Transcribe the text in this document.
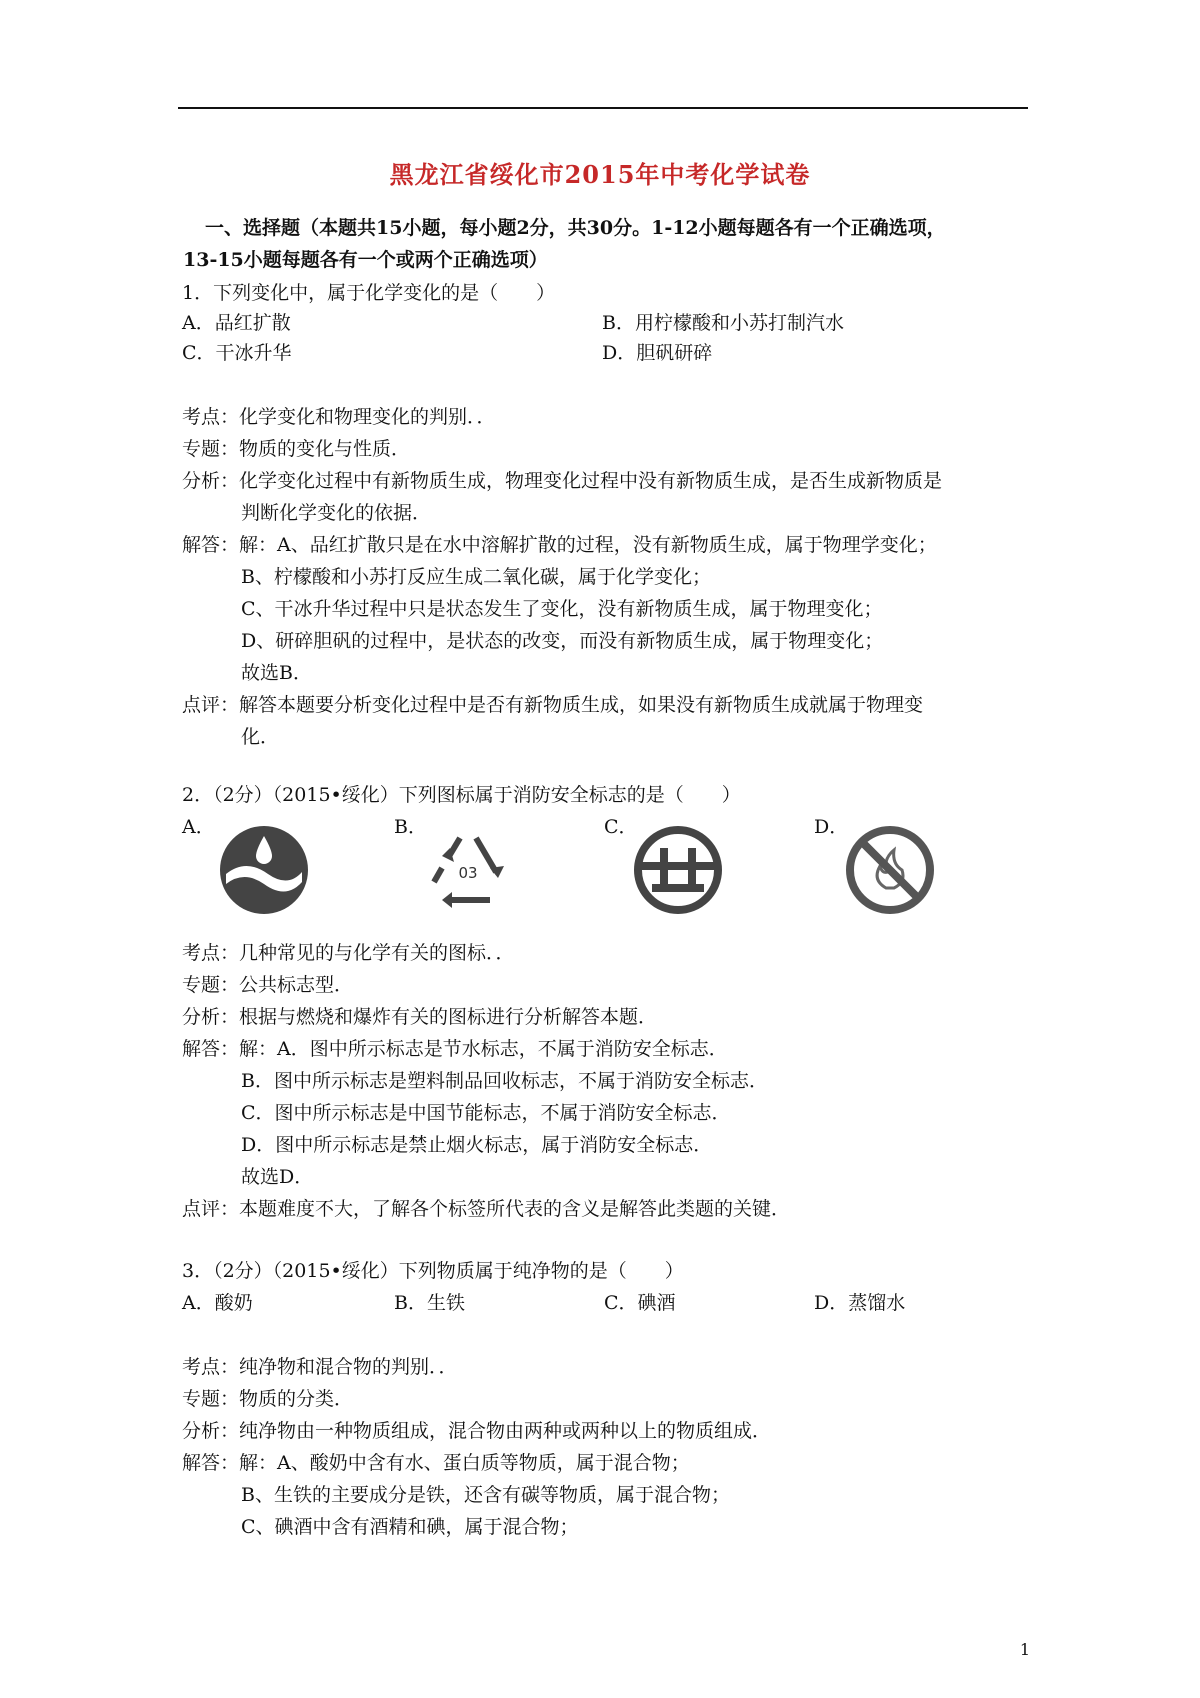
黑龙江省绥化市2015年中考化学试卷
一、选择题（本题共15小题，每小题2分，共30分。1-12小题每题各有一个正确选项，
13-15小题每题各有一个或两个正确选项）
1．下列变化中，属于化学变化的是（　　）
A．品红扩散	B．用柠檬酸和小苏打制汽水
C．干冰升华	D．胆矾研碎
考点：化学变化和物理变化的判别．．
专题：物质的变化与性质．
分析：化学变化过程中有新物质生成，物理变化过程中没有新物质生成，是否生成新物质是
判断化学变化的依据．
解答：解：A、品红扩散只是在水中溶解扩散的过程，没有新物质生成，属于物理学变化；
B、柠檬酸和小苏打反应生成二氧化碳，属于化学变化；
C、干冰升华过程中只是状态发生了变化，没有新物质生成，属于物理变化；
D、研碎胆矾的过程中，是状态的改变，而没有新物质生成，属于物理变化；
故选B．
点评：解答本题要分析变化过程中是否有新物质生成，如果没有新物质生成就属于物理变
化．
2．（2分）（2015•绥化）下列图标属于消防安全标志的是（　　）
A．	B．	C．	D．
03
考点：几种常见的与化学有关的图标．．
专题：公共标志型．
分析：根据与燃烧和爆炸有关的图标进行分析解答本题．
解答：解：A．图中所示标志是节水标志，不属于消防安全标志．
B．图中所示标志是塑料制品回收标志，不属于消防安全标志．
C．图中所示标志是中国节能标志，不属于消防安全标志．
D．图中所示标志是禁止烟火标志，属于消防安全标志．
故选D．
点评：本题难度不大，了解各个标签所代表的含义是解答此类题的关键．
3．（2分）（2015•绥化）下列物质属于纯净物的是（　　）
A．酸奶	B．生铁	C．碘酒	D．蒸馏水
考点：纯净物和混合物的判别．．
专题：物质的分类．
分析：纯净物由一种物质组成，混合物由两种或两种以上的物质组成．
解答：解：A、酸奶中含有水、蛋白质等物质，属于混合物；
B、生铁的主要成分是铁，还含有碳等物质，属于混合物；
C、碘酒中含有酒精和碘，属于混合物；
1
